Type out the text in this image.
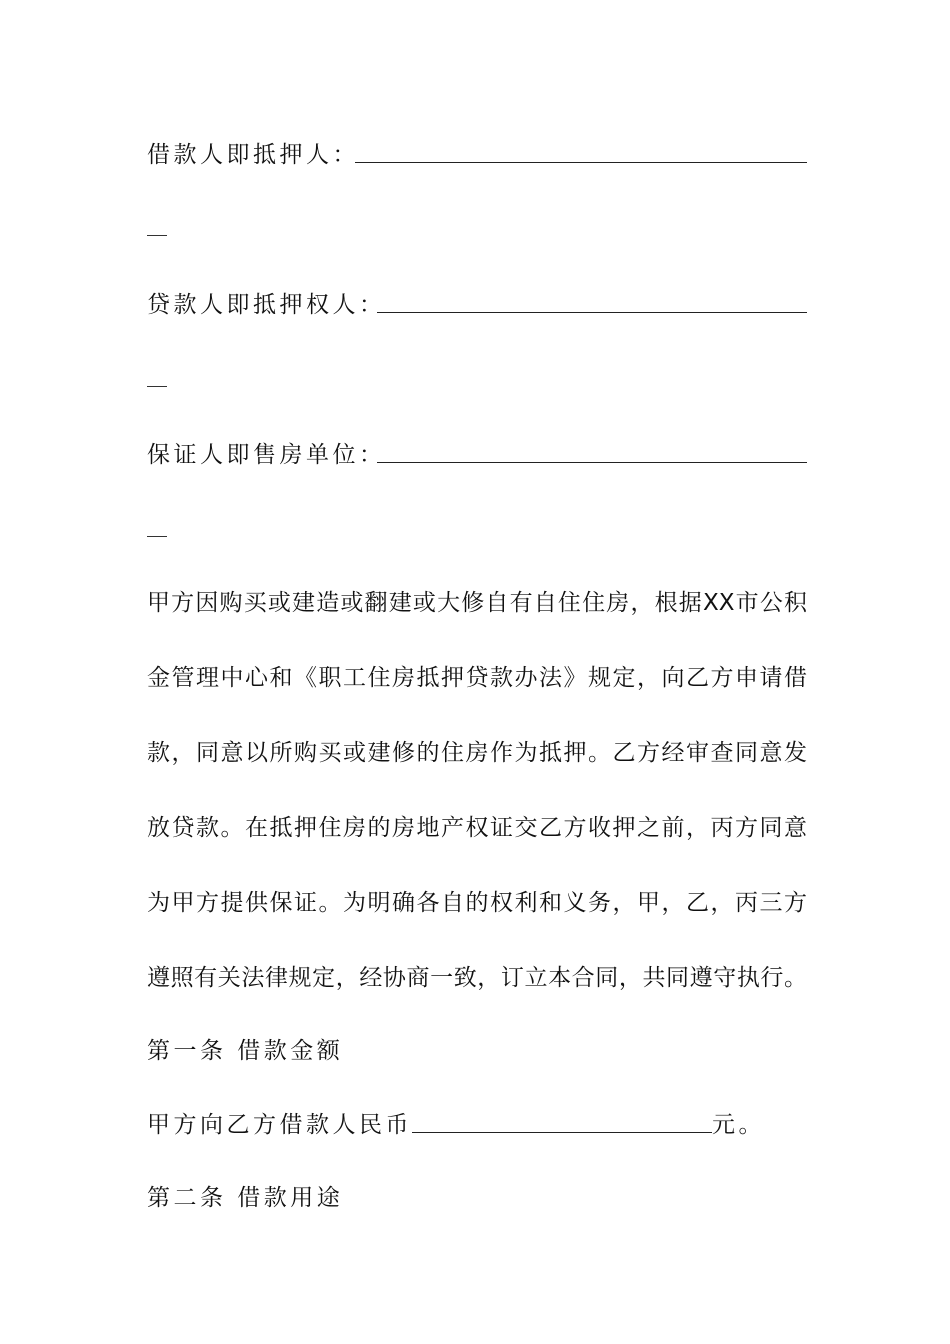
借款人即抵押人：
贷款人即抵押权人：
保证人即售房单位：
甲方因购买或建造或翻建或大修自有自住住房，根据XX市公积
金管理中心和《职工住房抵押贷款办法》规定，向乙方申请借
款，同意以所购买或建修的住房作为抵押。乙方经审查同意发
放贷款。在抵押住房的房地产权证交乙方收押之前，丙方同意
为甲方提供保证。为明确各自的权利和义务，甲，乙，丙三方
遵照有关法律规定，经协商一致，订立本合同，共同遵守执行。
第一条 借款金额
甲方向乙方借款人民币	元。
第二条 借款用途
